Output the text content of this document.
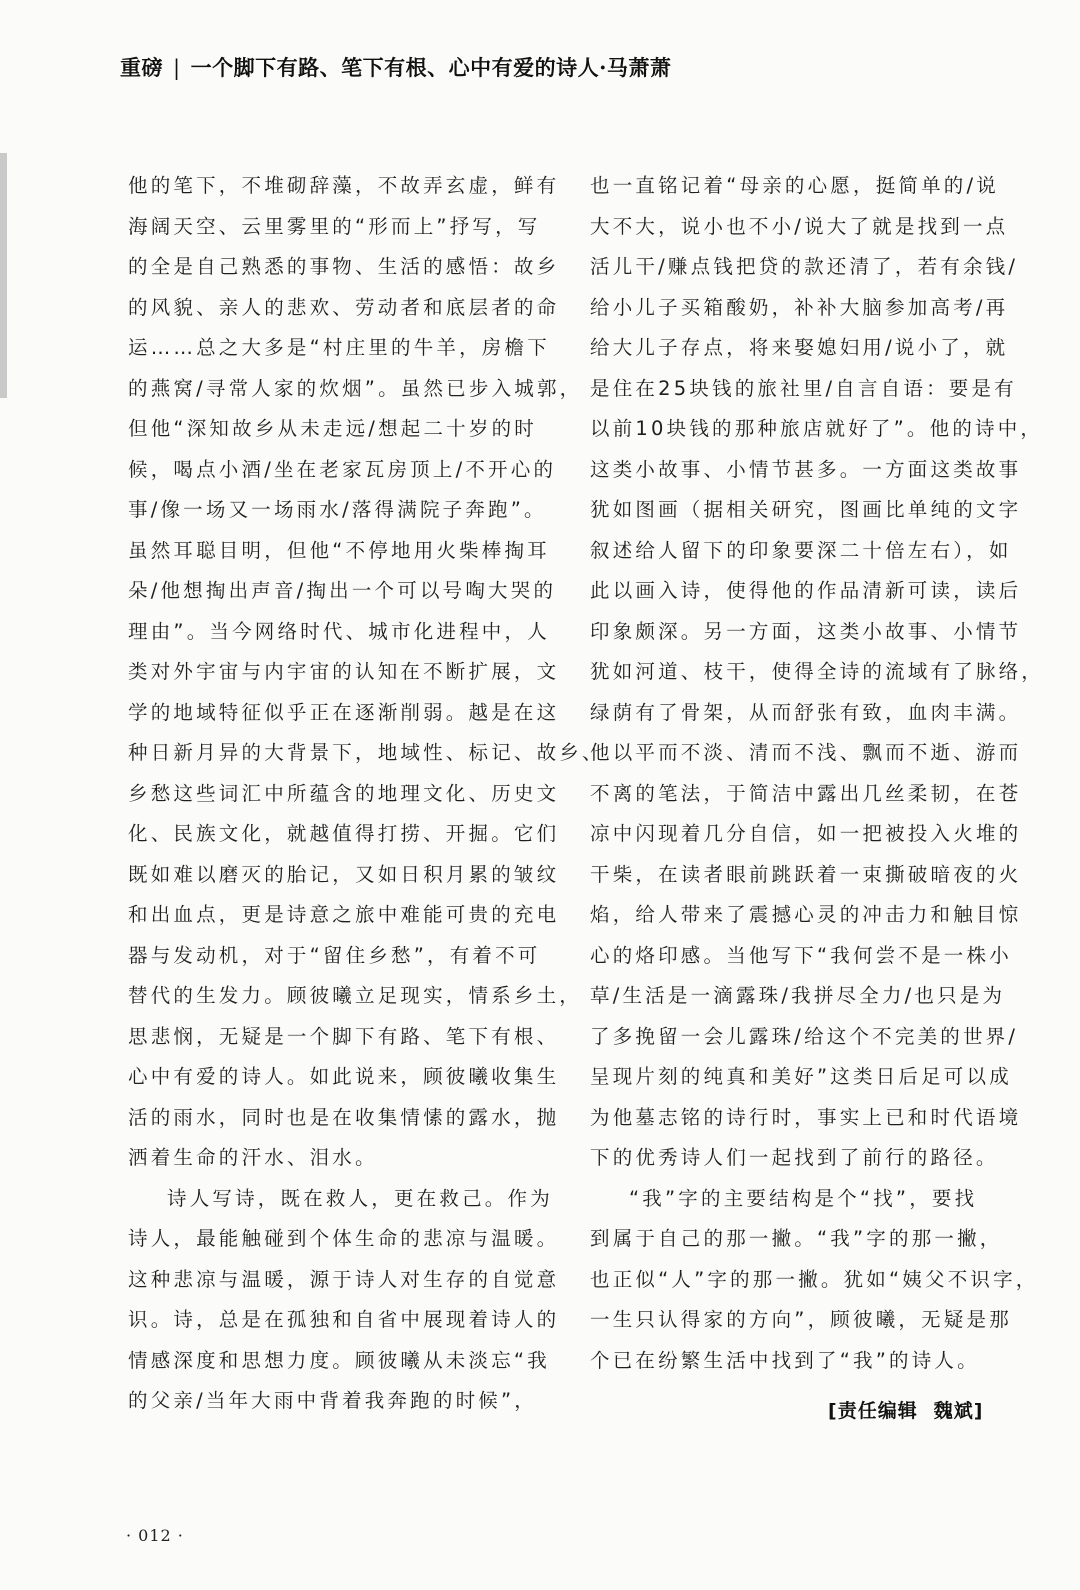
重磅 | 一个脚下有路、笔下有根、心中有爱的诗人·马萧萧
他的笔下，不堆砌辞藻，不故弄玄虚，鲜有
海阔天空、云里雾里的“形而上”抒写，写
的全是自己熟悉的事物、生活的感悟：故乡
的风貌、亲人的悲欢、劳动者和底层者的命
运……总之大多是“村庄里的牛羊，房檐下
的燕窝/寻常人家的炊烟”。虽然已步入城郭，
但他“深知故乡从未走远/想起二十岁的时
候，喝点小酒/坐在老家瓦房顶上/不开心的
事/像一场又一场雨水/落得满院子奔跑”。
虽然耳聪目明，但他“不停地用火柴棒掏耳
朵/他想掏出声音/掏出一个可以号啕大哭的
理由”。当今网络时代、城市化进程中，人
类对外宇宙与内宇宙的认知在不断扩展，文
学的地域特征似乎正在逐渐削弱。越是在这
种日新月异的大背景下，地域性、标记、故乡、
乡愁这些词汇中所蕴含的地理文化、历史文
化、民族文化，就越值得打捞、开掘。它们
既如难以磨灭的胎记，又如日积月累的皱纹
和出血点，更是诗意之旅中难能可贵的充电
器与发动机，对于“留住乡愁”，有着不可
替代的生发力。顾彼曦立足现实，情系乡土，
思悲悯，无疑是一个脚下有路、笔下有根、
心中有爱的诗人。如此说来，顾彼曦收集生
活的雨水，同时也是在收集情愫的露水，抛
洒着生命的汗水、泪水。
诗人写诗，既在救人，更在救己。作为
诗人，最能触碰到个体生命的悲凉与温暖。
这种悲凉与温暖，源于诗人对生存的自觉意
识。诗，总是在孤独和自省中展现着诗人的
情感深度和思想力度。顾彼曦从未淡忘“我
的父亲/当年大雨中背着我奔跑的时候”，
也一直铭记着“母亲的心愿，挺简单的/说
大不大，说小也不小/说大了就是找到一点
活儿干/赚点钱把贷的款还清了，若有余钱/
给小儿子买箱酸奶，补补大脑参加高考/再
给大儿子存点，将来娶媳妇用/说小了，就
是住在25块钱的旅社里/自言自语：要是有
以前10块钱的那种旅店就好了”。他的诗中，
这类小故事、小情节甚多。一方面这类故事
犹如图画（据相关研究，图画比单纯的文字
叙述给人留下的印象要深二十倍左右），如
此以画入诗，使得他的作品清新可读，读后
印象颇深。另一方面，这类小故事、小情节
犹如河道、枝干，使得全诗的流域有了脉络，
绿荫有了骨架，从而舒张有致，血肉丰满。
他以平而不淡、清而不浅、飘而不逝、游而
不离的笔法，于简洁中露出几丝柔韧，在苍
凉中闪现着几分自信，如一把被投入火堆的
干柴，在读者眼前跳跃着一束撕破暗夜的火
焰，给人带来了震撼心灵的冲击力和触目惊
心的烙印感。当他写下“我何尝不是一株小
草/生活是一滴露珠/我拼尽全力/也只是为
了多挽留一会儿露珠/给这个不完美的世界/
呈现片刻的纯真和美好”这类日后足可以成
为他墓志铭的诗行时，事实上已和时代语境
下的优秀诗人们一起找到了前行的路径。
“我”字的主要结构是个“找”，要找
到属于自己的那一撇。“我”字的那一撇，
也正似“人”字的那一撇。犹如“姨父不识字，
一生只认得家的方向”，顾彼曦，无疑是那
个已在纷繁生活中找到了“我”的诗人。
[责任编辑 魏斌]
· 012 ·
